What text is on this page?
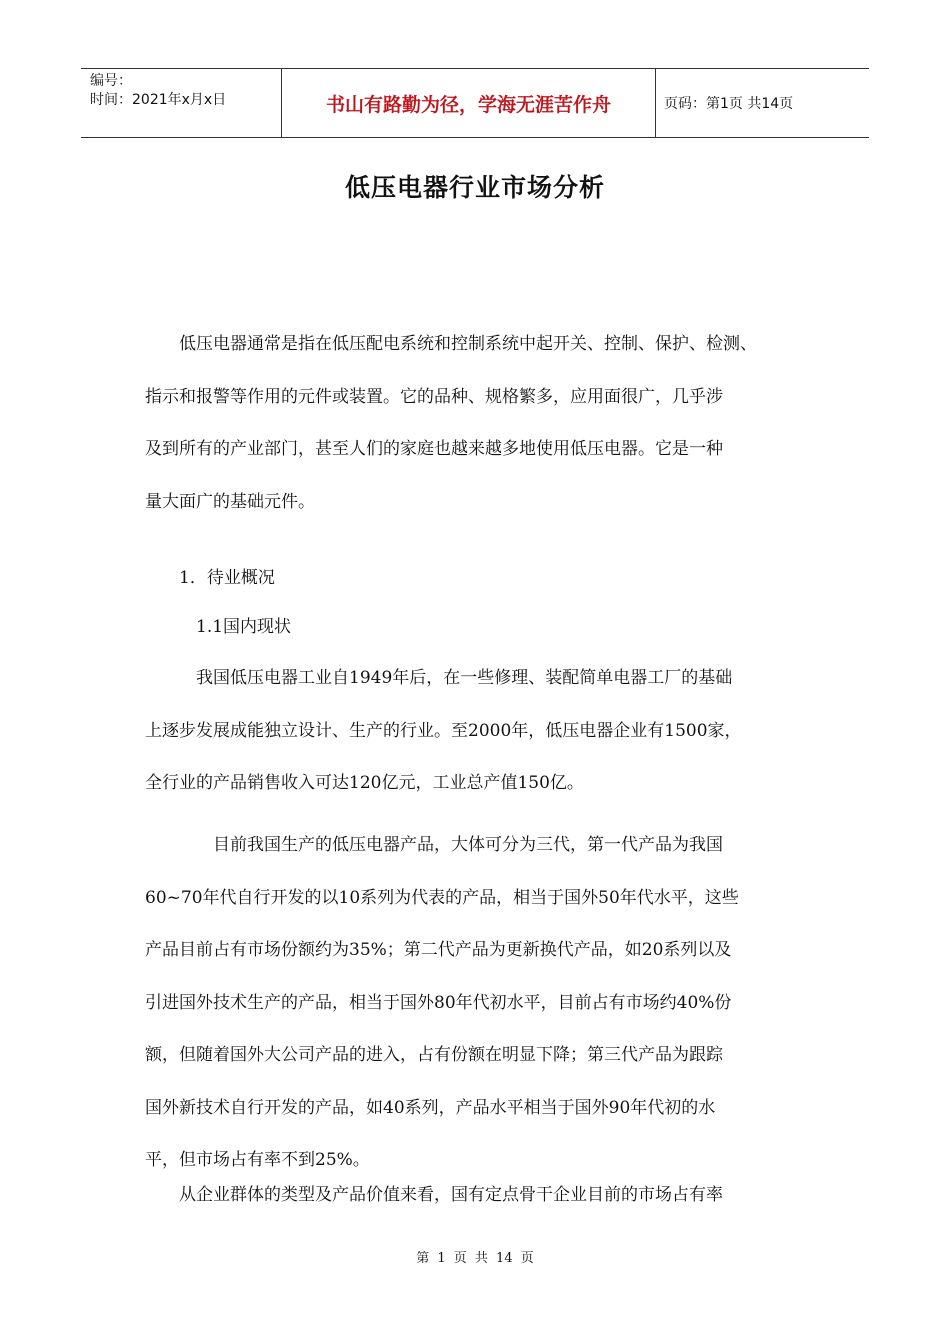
编号：
时间：2021年x月x日	书山有路勤为径，学海无涯苦作舟	页码：第1页 共14页
低压电器行业市场分析
　　低压电器通常是指在低压配电系统和控制系统中起开关、控制、保护、检测、
指示和报警等作用的元件或装置。它的品种、规格繁多，应用面很广，几乎涉
及到所有的产业部门，甚至人们的家庭也越来越多地使用低压电器。它是一种
量大面广的基础元件。
　　1．待业概况
　　　1.1国内现状
　　　我国低压电器工业自1949年后，在一些修理、装配简单电器工厂的基础
上逐步发展成能独立设计、生产的行业。至2000年，低压电器企业有1500家，
全行业的产品销售收入可达120亿元，工业总产值150亿。
　　　　目前我国生产的低压电器产品，大体可分为三代，第一代产品为我国
60~70年代自行开发的以10系列为代表的产品，相当于国外50年代水平，这些
产品目前占有市场份额约为35%；第二代产品为更新换代产品，如20系列以及
引进国外技术生产的产品，相当于国外80年代初水平，目前占有市场约40%份
额，但随着国外大公司产品的进入，占有份额在明显下降；第三代产品为跟踪
国外新技术自行开发的产品，如40系列，产品水平相当于国外90年代初的水
平，但市场占有率不到25%。
　　从企业群体的类型及产品价值来看，国有定点骨干企业目前的市场占有率
第 1 页 共 14 页
